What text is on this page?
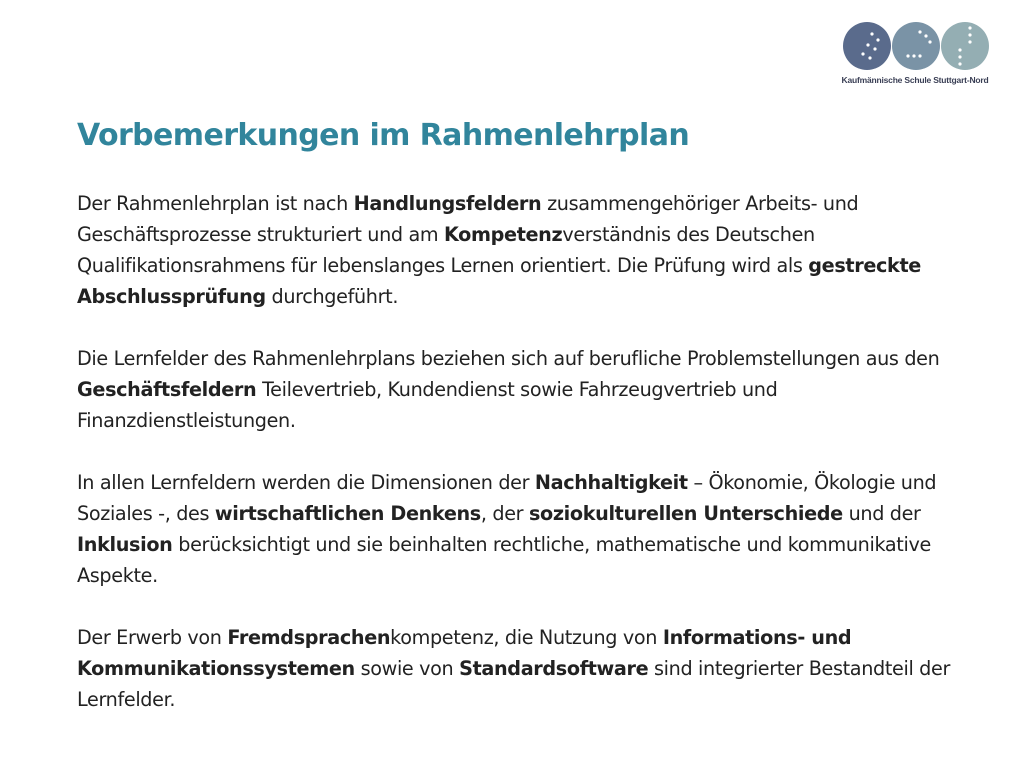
Kaufmännische Schule Stuttgart-Nord
Vorbemerkungen im Rahmenlehrplan

Der Rahmenlehrplan ist nach Handlungsfeldern zusammengehöriger Arbeits- und Geschäftsprozesse strukturiert und am Kompetenzverständnis des Deutschen Qualifikationsrahmens für lebenslanges Lernen orientiert. Die Prüfung wird als gestreckte Abschlussprüfung durchgeführt.

Die Lernfelder des Rahmenlehrplans beziehen sich auf berufliche Problemstellungen aus den Geschäftsfeldern Teilevertrieb, Kundendienst sowie Fahrzeugvertrieb und Finanzdienstleistungen.

In allen Lernfeldern werden die Dimensionen der Nachhaltigkeit – Ökonomie, Ökologie und Soziales -, des wirtschaftlichen Denkens, der soziokulturellen Unterschiede und der Inklusion berücksichtigt und sie beinhalten rechtliche, mathematische und kommunikative Aspekte.

Der Erwerb von Fremdsprachenkompetenz, die Nutzung von Informations- und Kommunikationssystemen sowie von Standardsoftware sind integrierter Bestandteil der Lernfelder.
